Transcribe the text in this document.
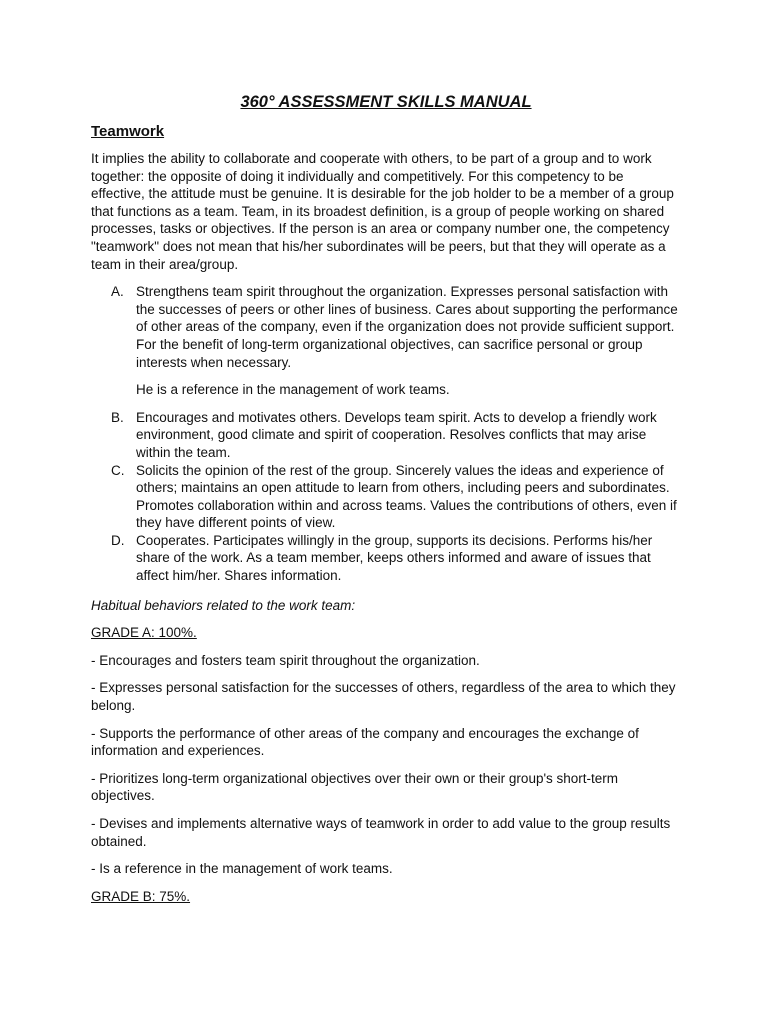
360° ASSESSMENT SKILLS MANUAL
Teamwork

It implies the ability to collaborate and cooperate with others, to be part of a group and to work together: the opposite of doing it individually and competitively. For this competency to be effective, the attitude must be genuine. It is desirable for the job holder to be a member of a group that functions as a team. Team, in its broadest definition, is a group of people working on shared processes, tasks or objectives. If the person is an area or company number one, the competency "teamwork" does not mean that his/her subordinates will be peers, but that they will operate as a team in their area/group.

A. Strengthens team spirit throughout the organization. Expresses personal satisfaction with the successes of peers or other lines of business. Cares about supporting the performance of other areas of the company, even if the organization does not provide sufficient support. For the benefit of long-term organizational objectives, can sacrifice personal or group interests when necessary.

He is a reference in the management of work teams.

B. Encourages and motivates others. Develops team spirit. Acts to develop a friendly work environment, good climate and spirit of cooperation. Resolves conflicts that may arise within the team.

C. Solicits the opinion of the rest of the group. Sincerely values the ideas and experience of others; maintains an open attitude to learn from others, including peers and subordinates. Promotes collaboration within and across teams. Values the contributions of others, even if they have different points of view.

D. Cooperates. Participates willingly in the group, supports its decisions. Performs his/her share of the work. As a team member, keeps others informed and aware of issues that affect him/her. Shares information.

Habitual behaviors related to the work team:

GRADE A: 100%.

- Encourages and fosters team spirit throughout the organization.

- Expresses personal satisfaction for the successes of others, regardless of the area to which they belong.

- Supports the performance of other areas of the company and encourages the exchange of information and experiences.

- Prioritizes long-term organizational objectives over their own or their group's short-term objectives.

- Devises and implements alternative ways of teamwork in order to add value to the group results obtained.

- Is a reference in the management of work teams.

GRADE B: 75%.
